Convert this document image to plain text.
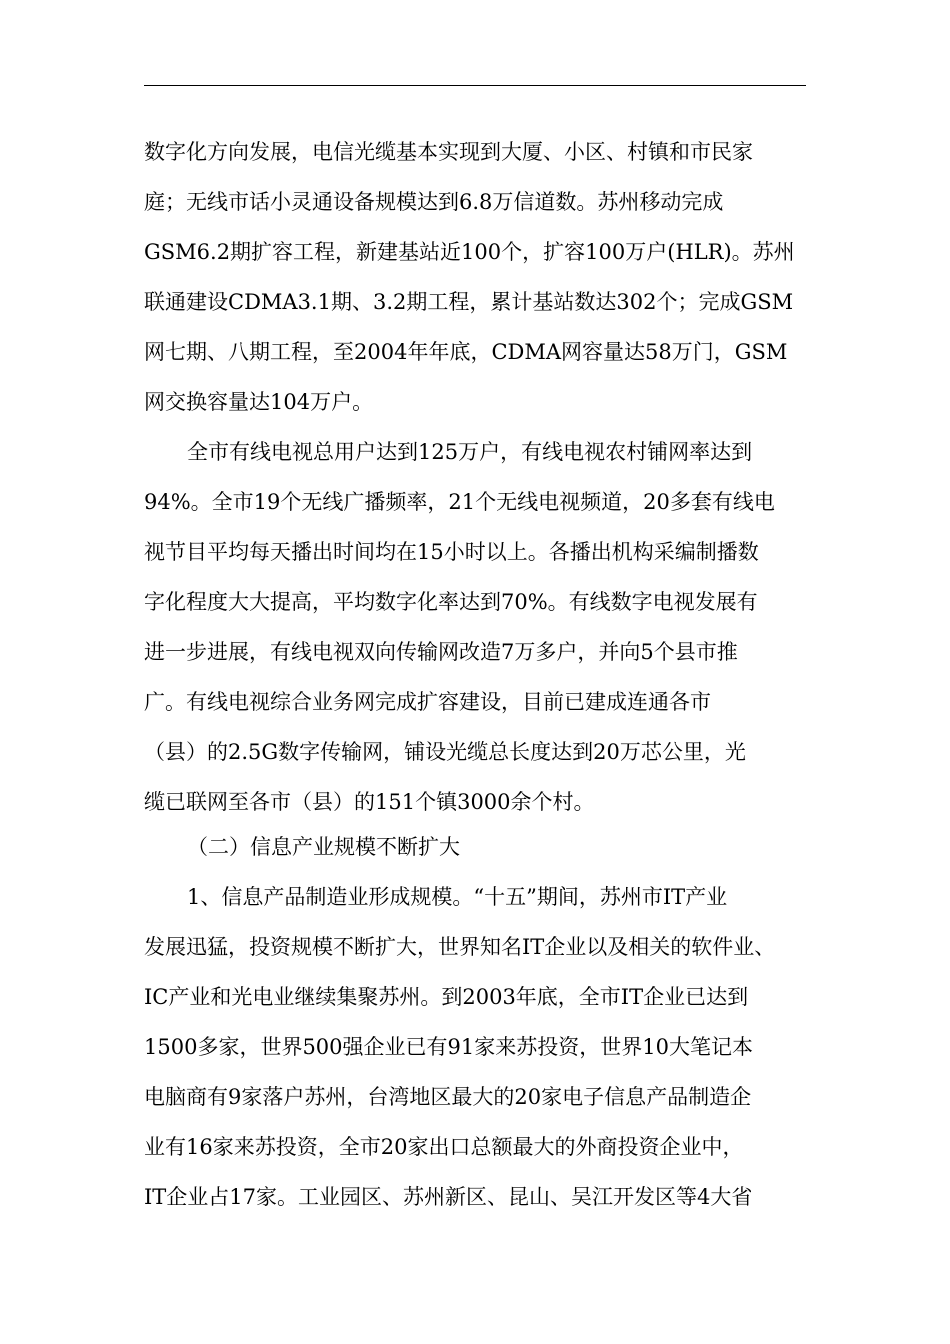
数字化方向发展，电信光缆基本实现到大厦、小区、村镇和市民家
庭；无线市话小灵通设备规模达到6.8万信道数。苏州移动完成
GSM6.2期扩容工程，新建基站近100个，扩容100万户(HLR)。苏州
联通建设CDMA3.1期、3.2期工程，累计基站数达302个；完成GSM
网七期、八期工程，至2004年年底，CDMA网容量达58万门，GSM
网交换容量达104万户。
全市有线电视总用户达到125万户，有线电视农村铺网率达到
94%。全市19个无线广播频率，21个无线电视频道，20多套有线电
视节目平均每天播出时间均在15小时以上。各播出机构采编制播数
字化程度大大提高，平均数字化率达到70%。有线数字电视发展有
进一步进展，有线电视双向传输网改造7万多户，并向5个县市推
广。有线电视综合业务网完成扩容建设，目前已建成连通各市
（县）的2.5G数字传输网，铺设光缆总长度达到20万芯公里，光
缆已联网至各市（县）的151个镇3000余个村。
（二）信息产业规模不断扩大
1、信息产品制造业形成规模。“十五”期间，苏州市IT产业
发展迅猛，投资规模不断扩大，世界知名IT企业以及相关的软件业、
IC产业和光电业继续集聚苏州。到2003年底，全市IT企业已达到
1500多家，世界500强企业已有91家来苏投资，世界10大笔记本
电脑商有9家落户苏州，台湾地区最大的20家电子信息产品制造企
业有16家来苏投资，全市20家出口总额最大的外商投资企业中，
IT企业占17家。工业园区、苏州新区、昆山、吴江开发区等4大省
